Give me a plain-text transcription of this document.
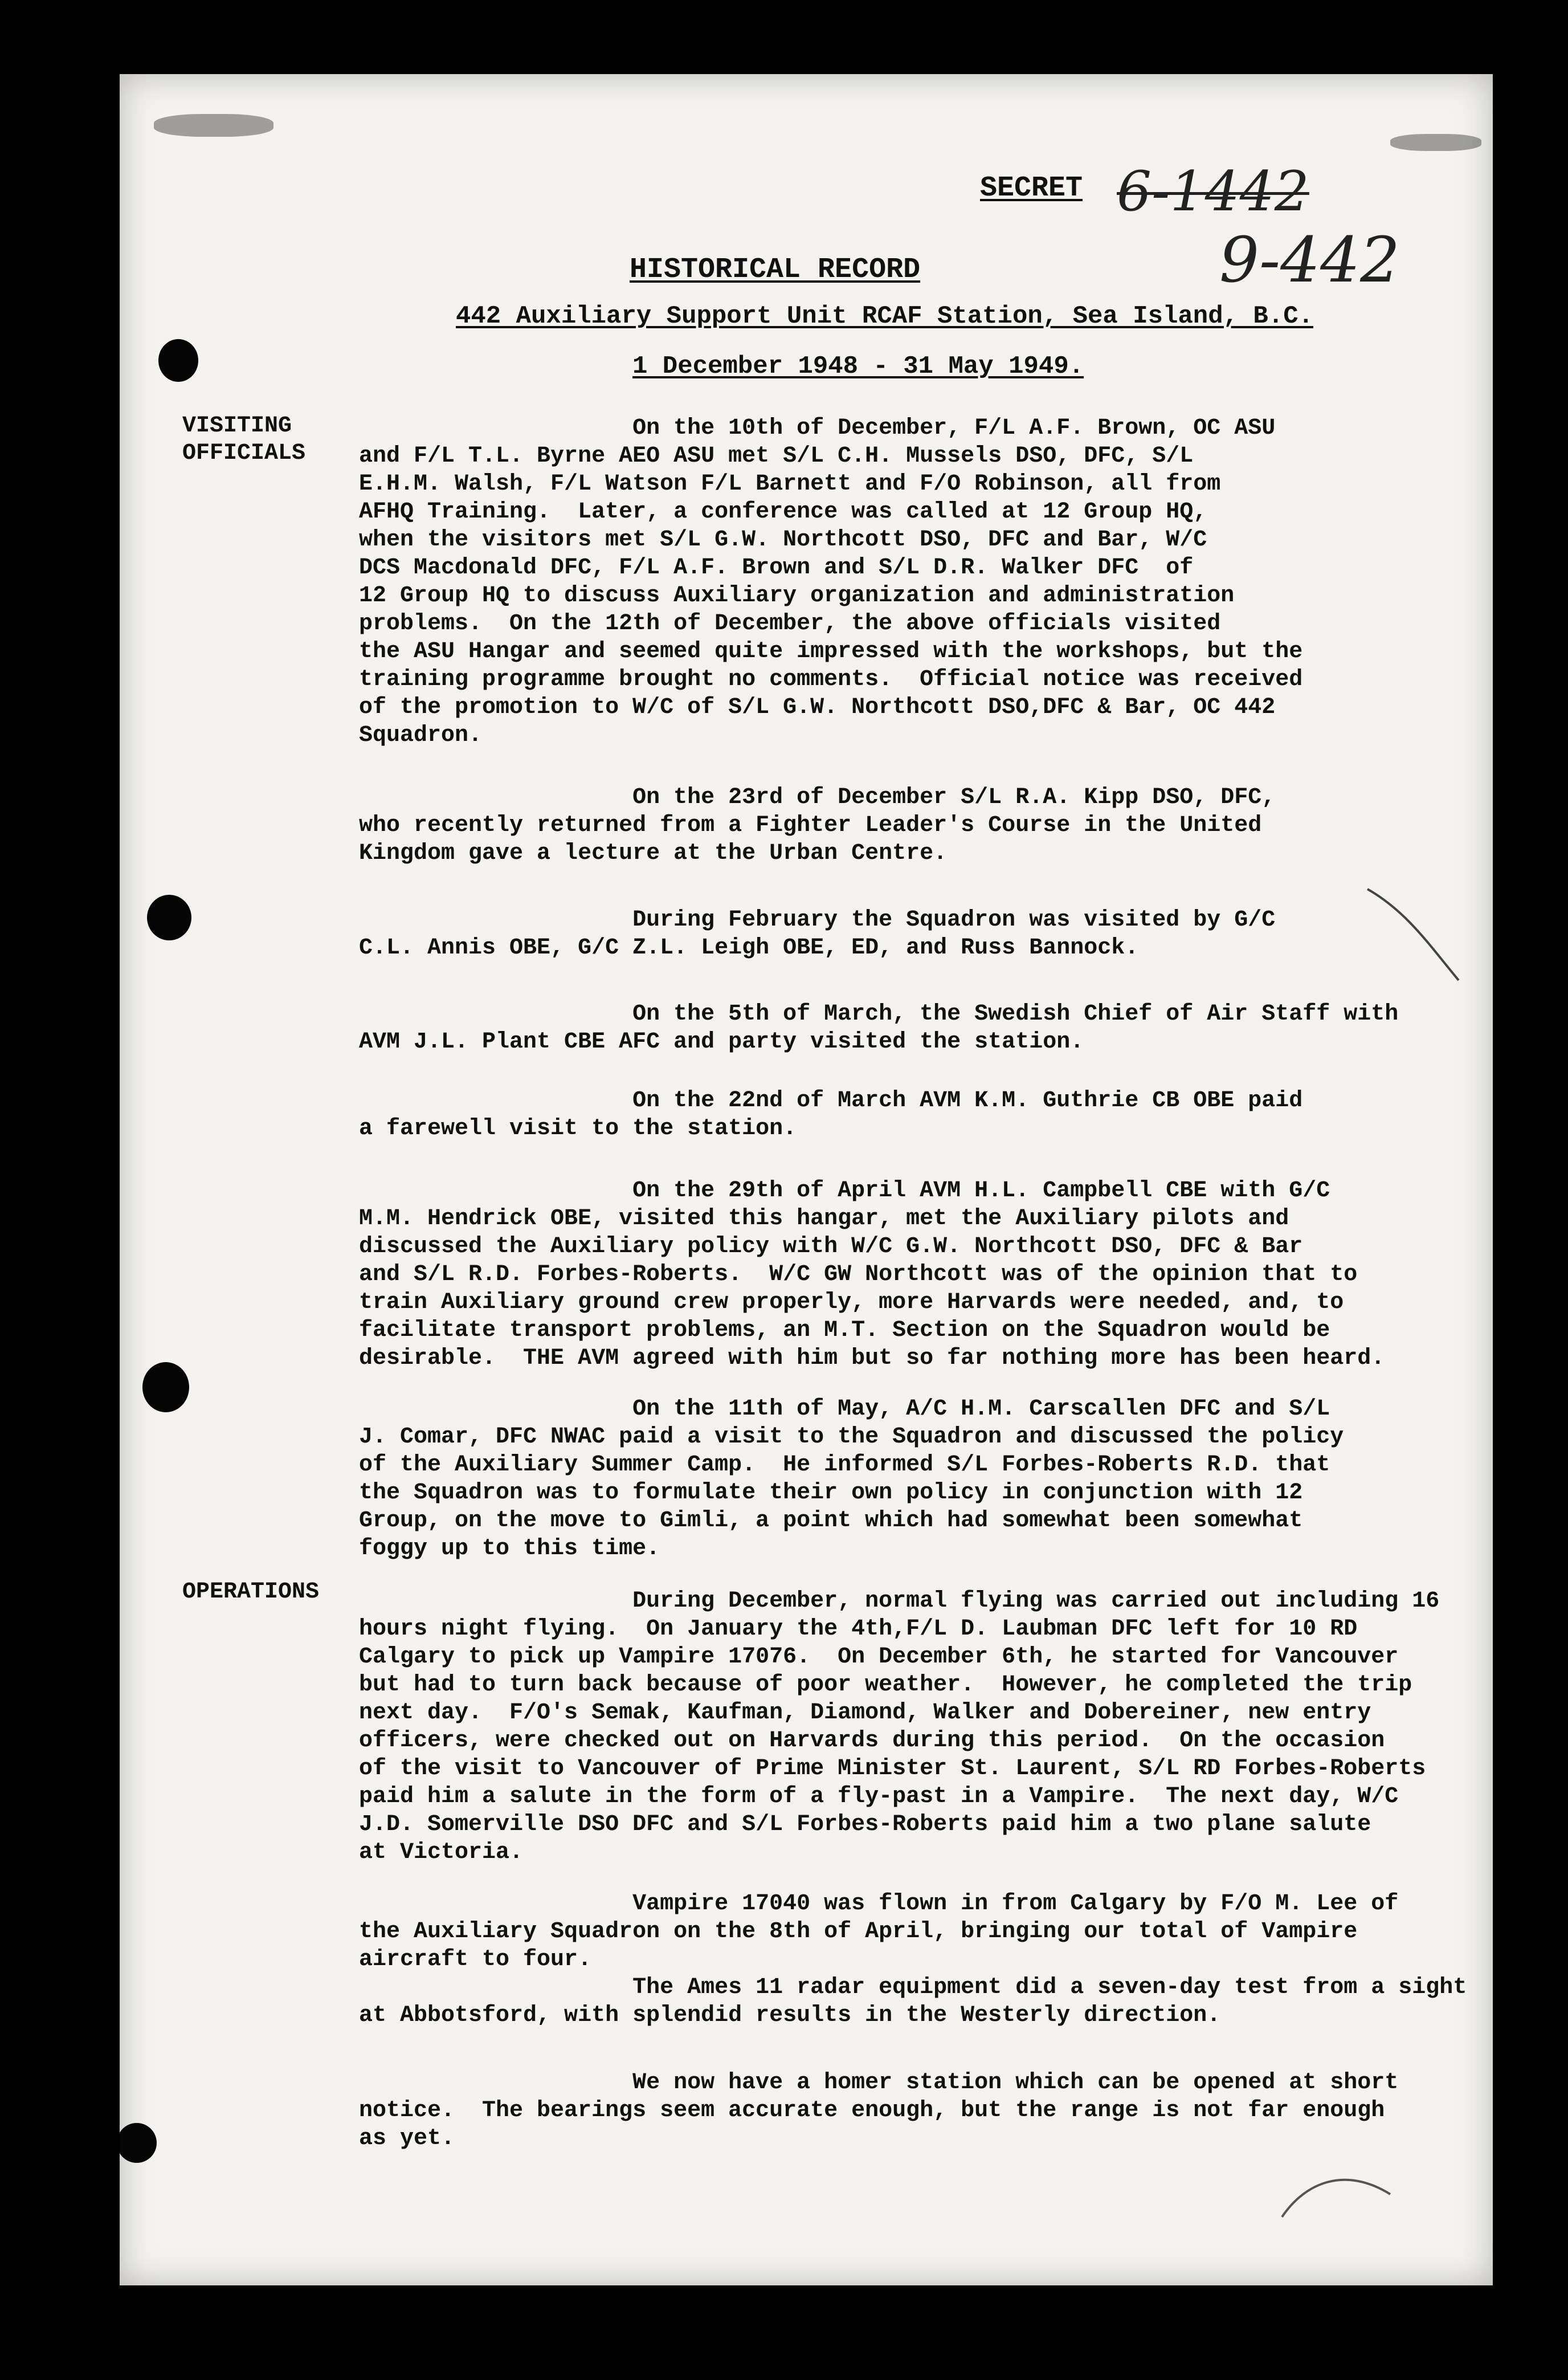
SECRET 6-1442
9-442
HISTORICAL RECORD
442 Auxiliary Support Unit RCAF Station, Sea Island, B.C.
1 December 1948 - 31 May 1949.
VISITING
OFFICIALS
On the 10th of December, F/L A.F. Brown, OC ASU
and F/L T.L. Byrne AEO ASU met S/L C.H. Mussels DSO, DFC, S/L
E.H.M. Walsh, F/L Watson F/L Barnett and F/O Robinson, all from
AFHQ Training.  Later, a conference was called at 12 Group HQ,
when the visitors met S/L G.W. Northcott DSO, DFC and Bar, W/C
DCS Macdonald DFC, F/L A.F. Brown and S/L D.R. Walker DFC  of
12 Group HQ to discuss Auxiliary organization and administration
problems.  On the 12th of December, the above officials visited
the ASU Hangar and seemed quite impressed with the workshops, but the
training programme brought no comments.  Official notice was received
of the promotion to W/C of S/L G.W. Northcott DSO,DFC & Bar, OC 442
Squadron.
On the 23rd of December S/L R.A. Kipp DSO, DFC,
who recently returned from a Fighter Leader's Course in the United
Kingdom gave a lecture at the Urban Centre.
During February the Squadron was visited by G/C
C.L. Annis OBE, G/C Z.L. Leigh OBE, ED, and Russ Bannock.
On the 5th of March, the Swedish Chief of Air Staff with
AVM J.L. Plant CBE AFC and party visited the station.
On the 22nd of March AVM K.M. Guthrie CB OBE paid
a farewell visit to the station.
On the 29th of April AVM H.L. Campbell CBE with G/C
M.M. Hendrick OBE, visited this hangar, met the Auxiliary pilots and
discussed the Auxiliary policy with W/C G.W. Northcott DSO, DFC & Bar
and S/L R.D. Forbes-Roberts.  W/C GW Northcott was of the opinion that to
train Auxiliary ground crew properly, more Harvards were needed, and, to
facilitate transport problems, an M.T. Section on the Squadron would be
desirable.  THE AVM agreed with him but so far nothing more has been heard.
On the 11th of May, A/C H.M. Carscallen DFC and S/L
J. Comar, DFC NWAC paid a visit to the Squadron and discussed the policy
of the Auxiliary Summer Camp.  He informed S/L Forbes-Roberts R.D. that
the Squadron was to formulate their own policy in conjunction with 12
Group, on the move to Gimli, a point which had somewhat been somewhat
foggy up to this time.
OPERATIONS	During December, normal flying was carried out including 16
hours night flying.  On January the 4th,F/L D. Laubman DFC left for 10 RD
Calgary to pick up Vampire 17076.  On December 6th, he started for Vancouver
but had to turn back because of poor weather.  However, he completed the trip
next day.  F/O's Semak, Kaufman, Diamond, Walker and Dobereiner, new entry
officers, were checked out on Harvards during this period.  On the occasion
of the visit to Vancouver of Prime Minister St. Laurent, S/L RD Forbes-Roberts
paid him a salute in the form of a fly-past in a Vampire.  The next day, W/C
J.D. Somerville DSO DFC and S/L Forbes-Roberts paid him a two plane salute
at Victoria.
Vampire 17040 was flown in from Calgary by F/O M. Lee of
the Auxiliary Squadron on the 8th of April, bringing our total of Vampire
aircraft to four.
The Ames 11 radar equipment did a seven-day test from a sight
at Abbotsford, with splendid results in the Westerly direction.
We now have a homer station which can be opened at short
notice.  The bearings seem accurate enough, but the range is not far enough
as yet.
